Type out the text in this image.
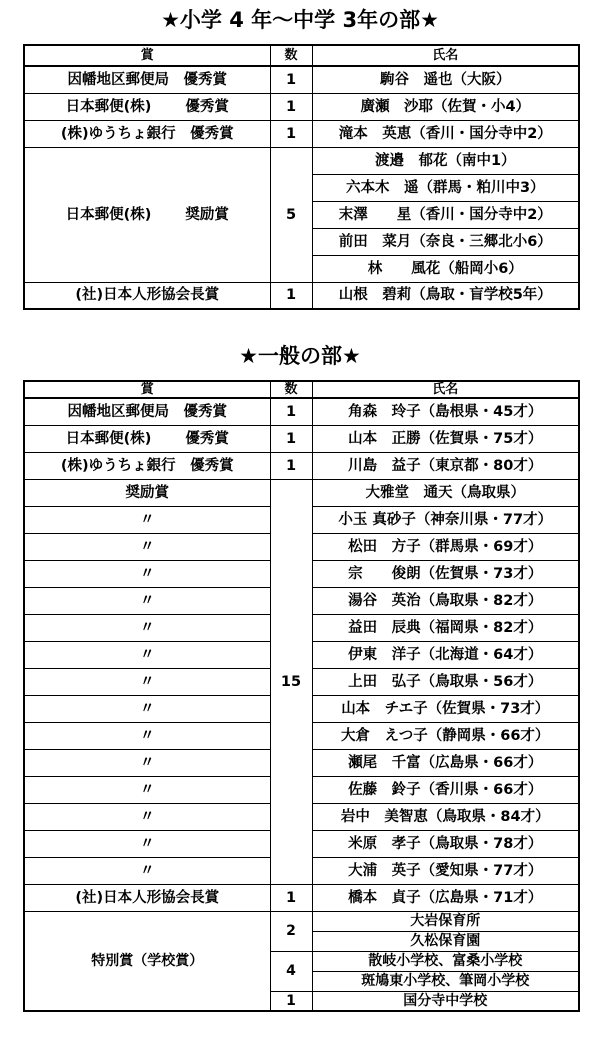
★小学 4 年～中学 3年の部★
賞	数	氏名
因幡地区郵便局　優秀賞	1	駒谷　遥也（大阪）
日本郵便(株)　　 優秀賞	1	廣瀬　沙耶（佐賀・小4）
(株)ゆうちょ銀行　優秀賞	1	滝本　英恵（香川・国分寺中2）
日本郵便(株)　　 奨励賞	5	渡邉　郁花（南中1）
		六本木　遥（群馬・粕川中3）
		末澤　　星（香川・国分寺中2）
		前田　菜月（奈良・三郷北小6）
		林　　風花（船岡小6）
(社)日本人形協会長賞	1	山根　碧莉（鳥取・盲学校5年）
★一般の部★
賞	数	氏名
因幡地区郵便局　優秀賞	1	角森　玲子（島根県・45才）
日本郵便(株)　　 優秀賞	1	山本　正勝（佐賀県・75才）
(株)ゆうちょ銀行　優秀賞	1	川島　益子（東京都・80才）
奨励賞	15	大雅堂　通天（鳥取県）
〃		小玉 真砂子（神奈川県・77才）
〃		松田　方子（群馬県・69才）
〃		宗　　俊朗（佐賀県・73才）
〃		湯谷　英治（鳥取県・82才）
〃		益田　辰典（福岡県・82才）
〃		伊東　洋子（北海道・64才）
〃		上田　弘子（鳥取県・56才）
〃		山本　チエ子（佐賀県・73才）
〃		大倉　えつ子（静岡県・66才）
〃		瀬尾　千富（広島県・66才）
〃		佐藤　鈴子（香川県・66才）
〃		岩中　美智恵（鳥取県・84才）
〃		米原　孝子（鳥取県・78才）
〃		大浦　英子（愛知県・77才）
(社)日本人形協会長賞	1	橋本　貞子（広島県・71才）
特別賞（学校賞）	2	大岩保育所
		久松保育園
	4	散岐小学校、富桑小学校
		斑鳩東小学校、筆岡小学校
	1	国分寺中学校
